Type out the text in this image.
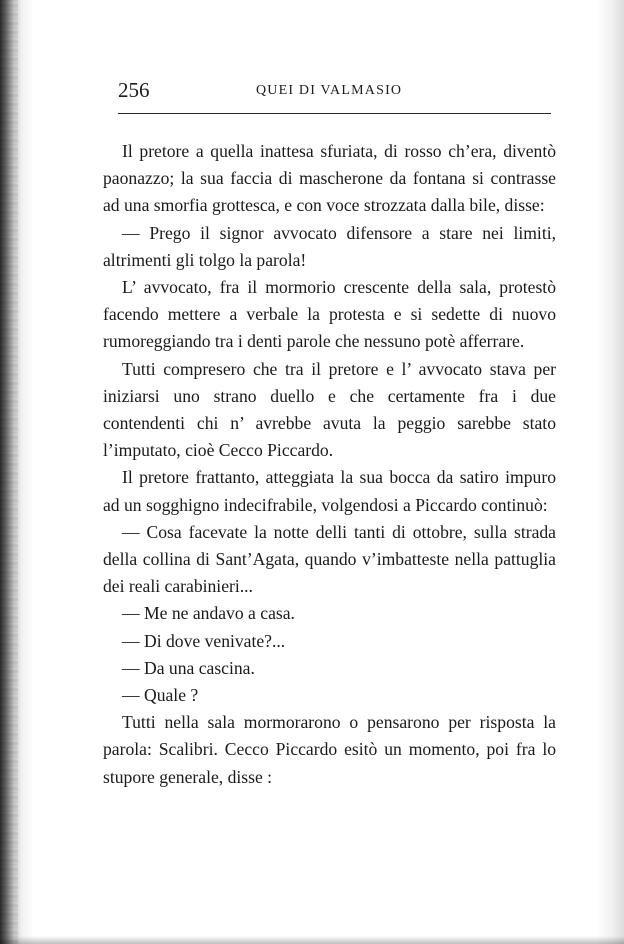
256	QUEI DI VALMASIO

Il pretore a quella inattesa sfuriata, di rosso ch’era, diventò paonazzo; la sua faccia di mascherone da fontana si contrasse ad una smorfia grottesca, e con voce strozzata dalla bile, disse:

— Prego il signor avvocato difensore a stare nei limiti, altrimenti gli tolgo la parola!

L’ avvocato, fra il mormorio crescente della sala, protestò facendo mettere a verbale la protesta e si sedette di nuovo rumoreggiando tra i denti parole che nessuno potè afferrare.

Tutti compresero che tra il pretore e l’ avvocato stava per iniziarsi uno strano duello e che certamente fra i due contendenti chi n’ avrebbe avuta la peggio sarebbe stato l’imputato, cioè Cecco Piccardo.

Il pretore frattanto, atteggiata la sua bocca da satiro impuro ad un sogghigno indecifrabile, volgendosi a Piccardo continuò:

— Cosa facevate la notte delli tanti di ottobre, sulla strada della collina di Sant’Agata, quando v’imbatteste nella pattuglia dei reali carabinieri...

— Me ne andavo a casa.

— Di dove venivate?...

— Da una cascina.

— Quale ?

Tutti nella sala mormorarono o pensarono per risposta la parola: Scalibri. Cecco Piccardo esitò un momento, poi fra lo stupore generale, disse :
